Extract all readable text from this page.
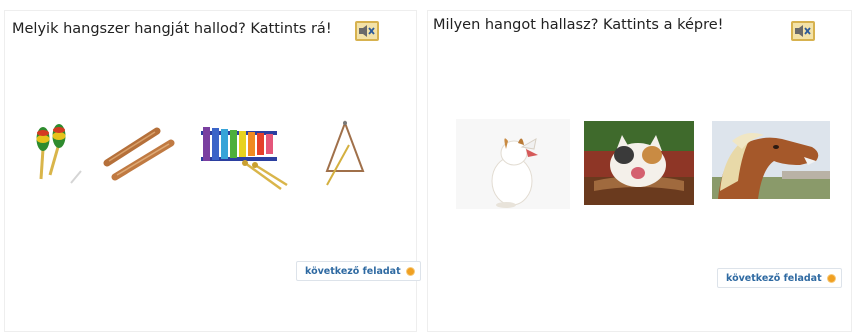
Melyik hangszer hangját hallod? Kattints rá!
következő feladat
Milyen hangot hallasz? Kattints a képre!
következő feladat
